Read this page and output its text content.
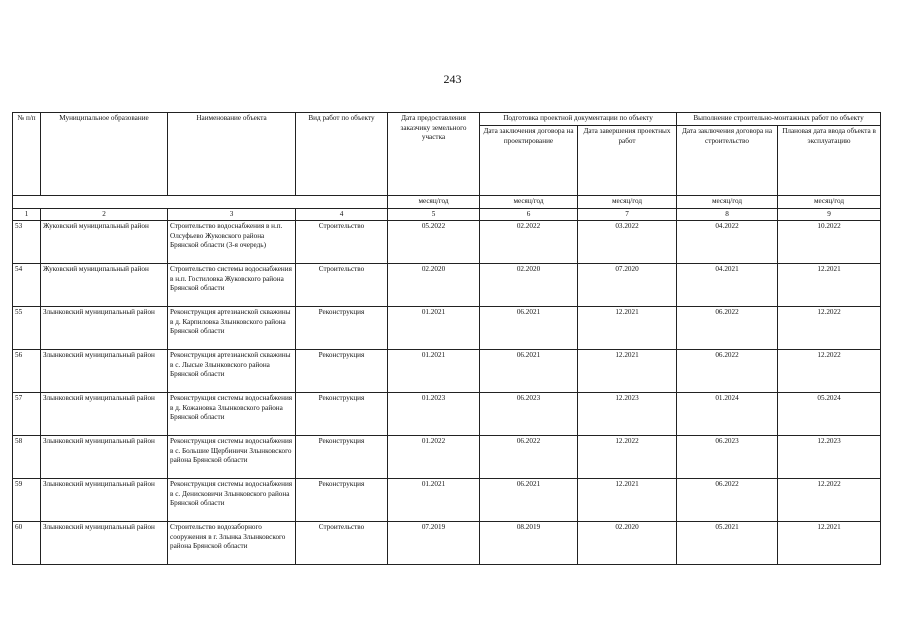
243
№ п/п	Муниципальное образование	Наименование объекта	Вид работ по объекту	Дата предоставления заказчику земельного участка	Подготовка проектной документации по объекту		Выполнение строительно-монтажных работ по объекту	
					Дата заключения договора на проектирование	Дата завершения проектных работ	Дата заключения договора на строительство	Плановая дата ввода объекта в эксплуатацию
				месяц/год	месяц/год	месяц/год	месяц/год	месяц/год
1	2	3	4	5	6	7	8	9
53	Жуковский муниципальный район	Строительство водоснабжения в н.п. Олсуфьево Жуковского района Брянской области (3-я очередь)	Строительство	05.2022	02.2022	03.2022	04.2022	10.2022
54	Жуковский муниципальный район	Строительство системы водоснабжения в н.п. Гостиловка Жуковского района Брянской области	Строительство	02.2020	02.2020	07.2020	04.2021	12.2021
55	Злынковский муниципальный район	Реконструкция артезианской скважины в д. Карпиловка Злынковского района Брянской области	Реконструкция	01.2021	06.2021	12.2021	06.2022	12.2022
56	Злынковский муниципальный район	Реконструкция артезианской скважины в с. Лысые Злынковского района Брянской области	Реконструкция	01.2021	06.2021	12.2021	06.2022	12.2022
57	Злынковский муниципальный район	Реконструкция системы водоснабжения в д. Кожановка Злынковского района Брянской области	Реконструкция	01.2023	06.2023	12.2023	01.2024	05.2024
58	Злынковский муниципальный район	Реконструкция системы водоснабжения в с. Большие Щербиничи Злынковского района Брянской области	Реконструкция	01.2022	06.2022	12.2022	06.2023	12.2023
59	Злынковский муниципальный район	Реконструкция системы водоснабжения в с. Денисковичи Злынковского района Брянской области	Реконструкция	01.2021	06.2021	12.2021	06.2022	12.2022
60	Злынковский муниципальный район	Строительство водозаборного сооружения в г. Злынка Злынковского района Брянской области	Строительство	07.2019	08.2019	02.2020	05.2021	12.2021
